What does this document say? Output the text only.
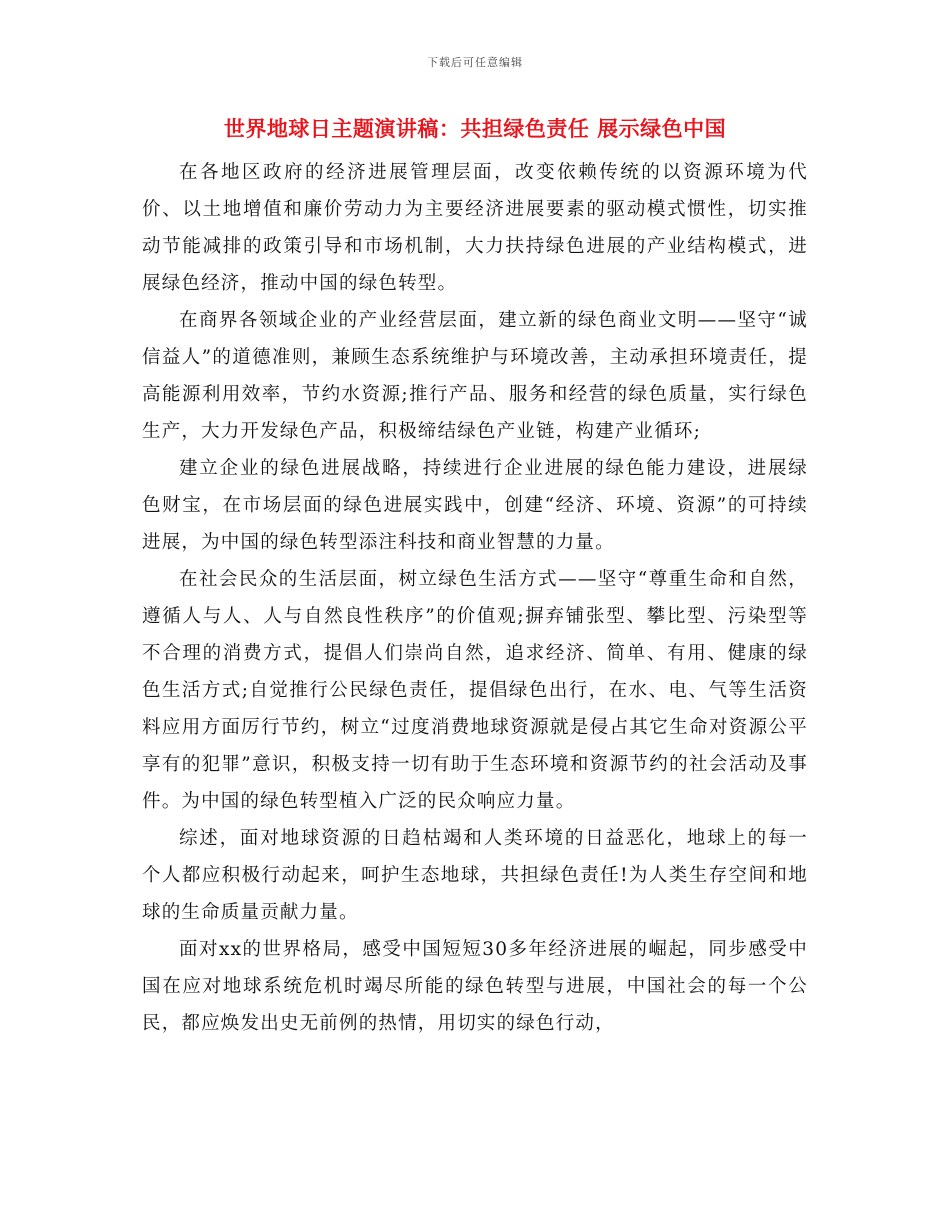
下载后可任意编辑
世界地球日主题演讲稿：共担绿色责任 展示绿色中国

在各地区政府的经济进展管理层面，改变依赖传统的以资源环境为代价、以土地增值和廉价劳动力为主要经济进展要素的驱动模式惯性，切实推动节能减排的政策引导和市场机制，大力扶持绿色进展的产业结构模式，进展绿色经济，推动中国的绿色转型。

在商界各领域企业的产业经营层面，建立新的绿色商业文明——坚守“诚信益人”的道德准则，兼顾生态系统维护与环境改善，主动承担环境责任，提高能源利用效率，节约水资源;推行产品、服务和经营的绿色质量，实行绿色生产，大力开发绿色产品，积极缔结绿色产业链，构建产业循环;

建立企业的绿色进展战略，持续进行企业进展的绿色能力建设，进展绿色财宝，在市场层面的绿色进展实践中，创建“经济、环境、资源”的可持续进展，为中国的绿色转型添注科技和商业智慧的力量。

在社会民众的生活层面，树立绿色生活方式——坚守“尊重生命和自然，遵循人与人、人与自然良性秩序”的价值观;摒弃铺张型、攀比型、污染型等不合理的消费方式，提倡人们崇尚自然，追求经济、简单、有用、健康的绿色生活方式;自觉推行公民绿色责任，提倡绿色出行，在水、电、气等生活资料应用方面厉行节约，树立“过度消费地球资源就是侵占其它生命对资源公平享有的犯罪”意识，积极支持一切有助于生态环境和资源节约的社会活动及事件。为中国的绿色转型植入广泛的民众响应力量。

综述，面对地球资源的日趋枯竭和人类环境的日益恶化，地球上的每一个人都应积极行动起来，呵护生态地球，共担绿色责任!为人类生存空间和地球的生命质量贡献力量。

面对xx的世界格局，感受中国短短30多年经济进展的崛起，同步感受中国在应对地球系统危机时竭尽所能的绿色转型与进展，中国社会的每一个公民，都应焕发出史无前例的热情，用切实的绿色行动，
